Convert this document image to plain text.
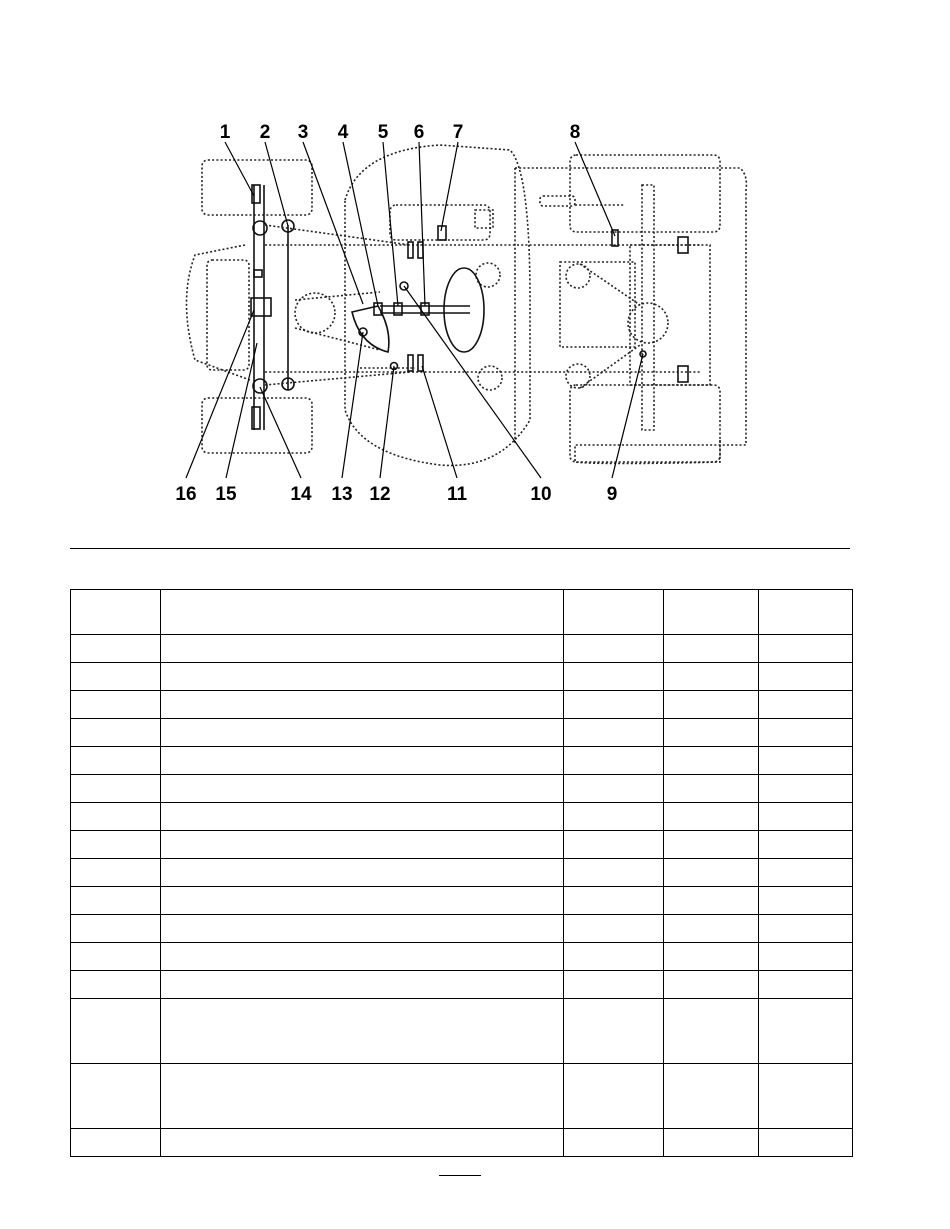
1 2 3 4 5 6 7	8
9
10
11
12
13
14
15
16
